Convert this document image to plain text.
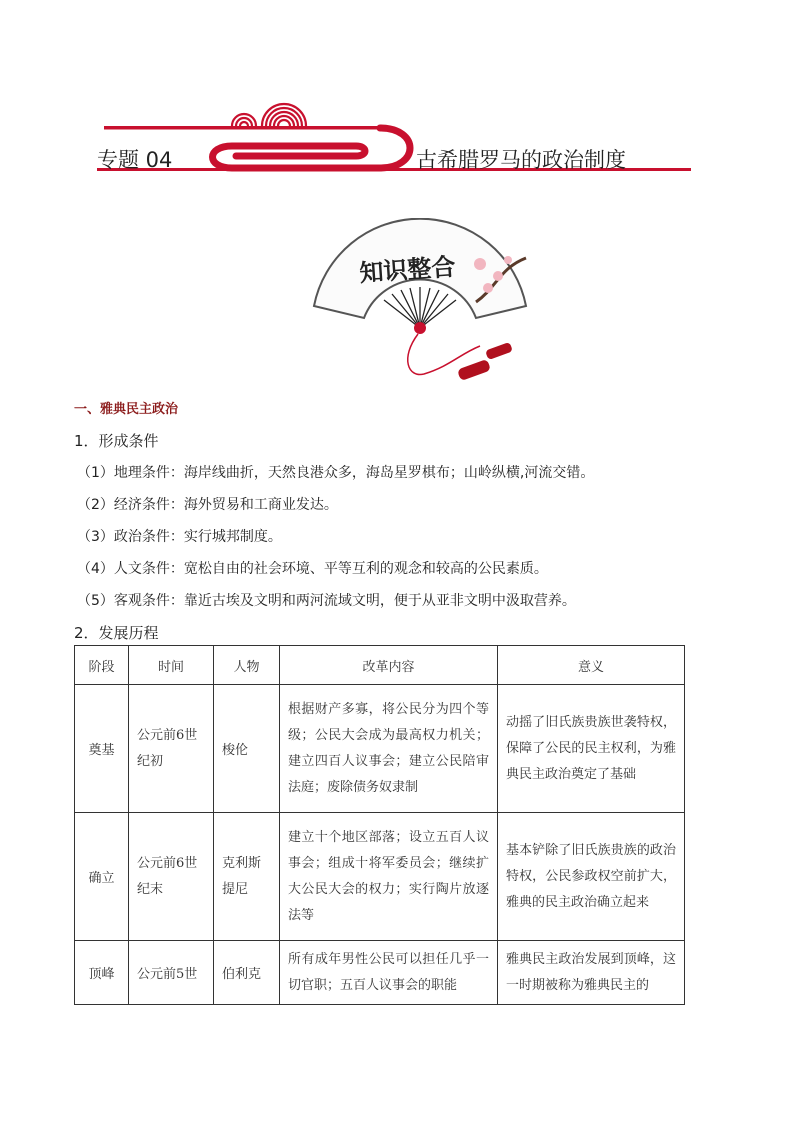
专题 04	古希腊罗马的政治制度
知识整合
一、雅典民主政治
1．形成条件
（1）地理条件：海岸线曲折，天然良港众多，海岛星罗棋布；山岭纵横,河流交错。
（2）经济条件：海外贸易和工商业发达。
（3）政治条件：实行城邦制度。
（4）人文条件：宽松自由的社会环境、平等互利的观念和较高的公民素质。
（5）客观条件：靠近古埃及文明和两河流域文明，便于从亚非文明中汲取营养。
2．发展历程
阶段	时间	人物	改革内容	意义
奠基	公元前6世纪初	梭伦	根据财产多寡，将公民分为四个等级；公民大会成为最高权力机关；建立四百人议事会；建立公民陪审法庭；废除债务奴隶制	动摇了旧氏族贵族世袭特权，保障了公民的民主权利，为雅典民主政治奠定了基础
确立	公元前6世纪末	克利斯提尼	建立十个地区部落；设立五百人议事会；组成十将军委员会；继续扩大公民大会的权力；实行陶片放逐法等	基本铲除了旧氏族贵族的政治特权，公民参政权空前扩大，雅典的民主政治确立起来
顶峰	公元前5世	伯利克	所有成年男性公民可以担任几乎一切官职；五百人议事会的职能	雅典民主政治发展到顶峰，这一时期被称为雅典民主的
